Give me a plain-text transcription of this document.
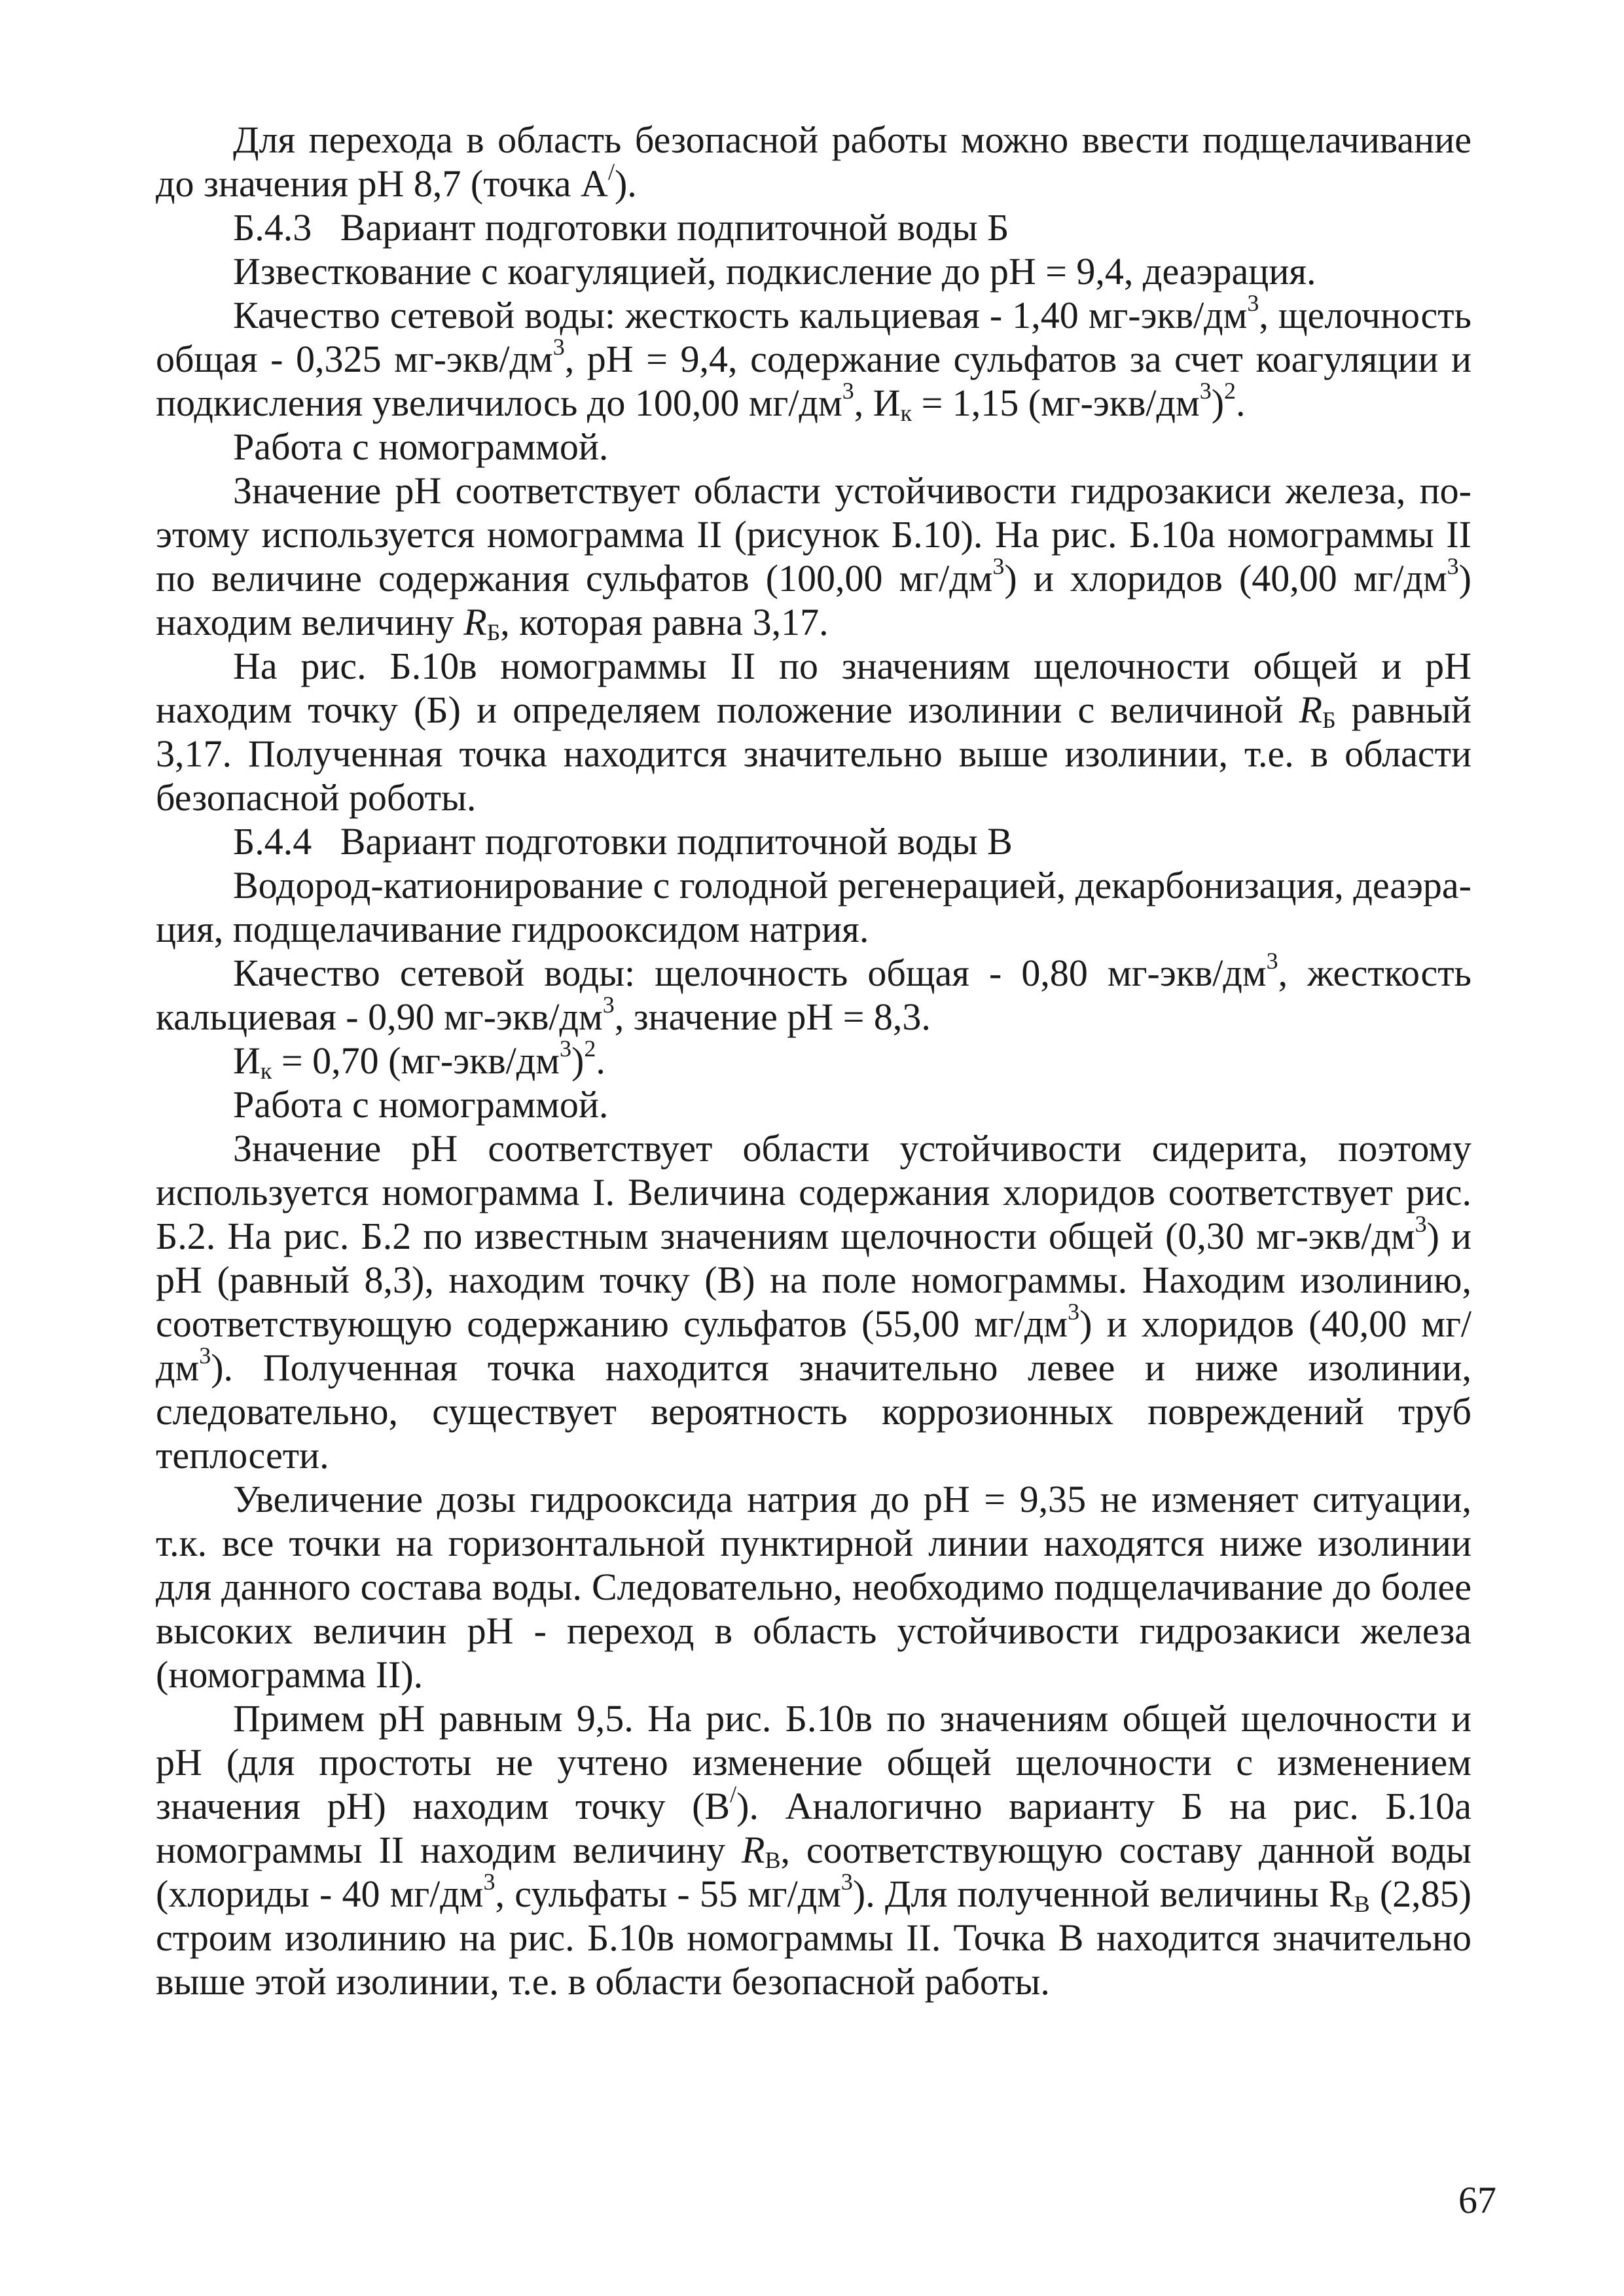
Для перехода в область безопасной работы можно ввести подщелачивание до значения рН 8,7 (точка А/).

Б.4.3   Вариант подготовки подпиточной воды Б

Известкование с коагуляцией, подкисление до рН = 9,4, деаэрация.

Качество сетевой воды: жесткость кальциевая - 1,40 $мг-экв/дм^3$, щелочность общая - 0,325 $мг-экв/дм^3$, рН = 9,4, содержание сульфатов за счет коагуляции и подкисления увеличилось до 100,00 $мг/дм^3$, $И_к = 1,15$ $(мг-экв/дм^3)^2$.

Работа с номограммой.

Значение рН соответствует области устойчивости гидрозакиси железа, поэтому используется номограмма II (рисунок Б.10). На рис. Б.10а номограммы II по величине содержания сульфатов (100,00 $мг/дм^3$) и хлоридов (40,00 $мг/дм^3$) находим величину $R_Б$, которая равна 3,17.

На рис. Б.10в номограммы II по значениям щелочности общей и рН находим точку (Б) и определяем положение изолинии с величиной $R_Б$ равный  3,17. Полученная точка находится значительно выше изолинии, т.е. в области безопасной роботы.

Б.4.4   Вариант подготовки подпиточной воды В

Водород-катионирование с голодной регенерацией, декарбонизация, деаэрация, подщелачивание гидрооксидом натрия.

Качество сетевой воды: щелочность общая - 0,80 $мг-экв/дм^3$, жесткость кальциевая - 0,90 $мг-экв/дм^3$, значение рН = 8,3.

$И_к = 0,70$ $(мг-экв/дм^3)^2$.

Работа с номограммой.

Значение рН соответствует области устойчивости сидерита, поэтому используется номограмма I. Величина содержания хлоридов соответствует рис. Б.2. На рис. Б.2 по известным значениям щелочности общей (0,30 $мг-экв/дм^3$) и рН (равный 8,3), находим точку (В) на поле номограммы. Находим изолинию, соответствующую содержанию сульфатов (55,00 $мг/дм^3$) и хлоридов (40,00 $мг/дм^3$). Полученная точка находится значительно левее и ниже изолинии, следовательно, существует вероятность коррозионных повреждений труб теплосети.

Увеличение дозы гидрооксида натрия до рН = 9,35 не изменяет ситуации, т.к. все точки на горизонтальной пунктирной линии находятся ниже изолинии для данного состава воды. Следовательно, необходимо подщелачивание до более высоких величин рН - переход в область устойчивости гидрозакиси железа (номограмма II).

Примем рН равным 9,5. На рис. Б.10в по значениям общей щелочности и рН (для простоты не учтено изменение общей щелочности с изменением значения рН) находим точку (В/). Аналогично варианту Б на рис. Б.10а номограммы II находим величину $R_В$, соответствующую составу данной воды (хлориды - 40 $мг/дм^3$, сульфаты - 55 $мг/дм^3$). Для полученной величины $R_В$ (2,85) строим изолинию на рис. Б.10в номограммы II. Точка В находится значительно выше этой изолинии, т.е. в области безопасной работы.

67
